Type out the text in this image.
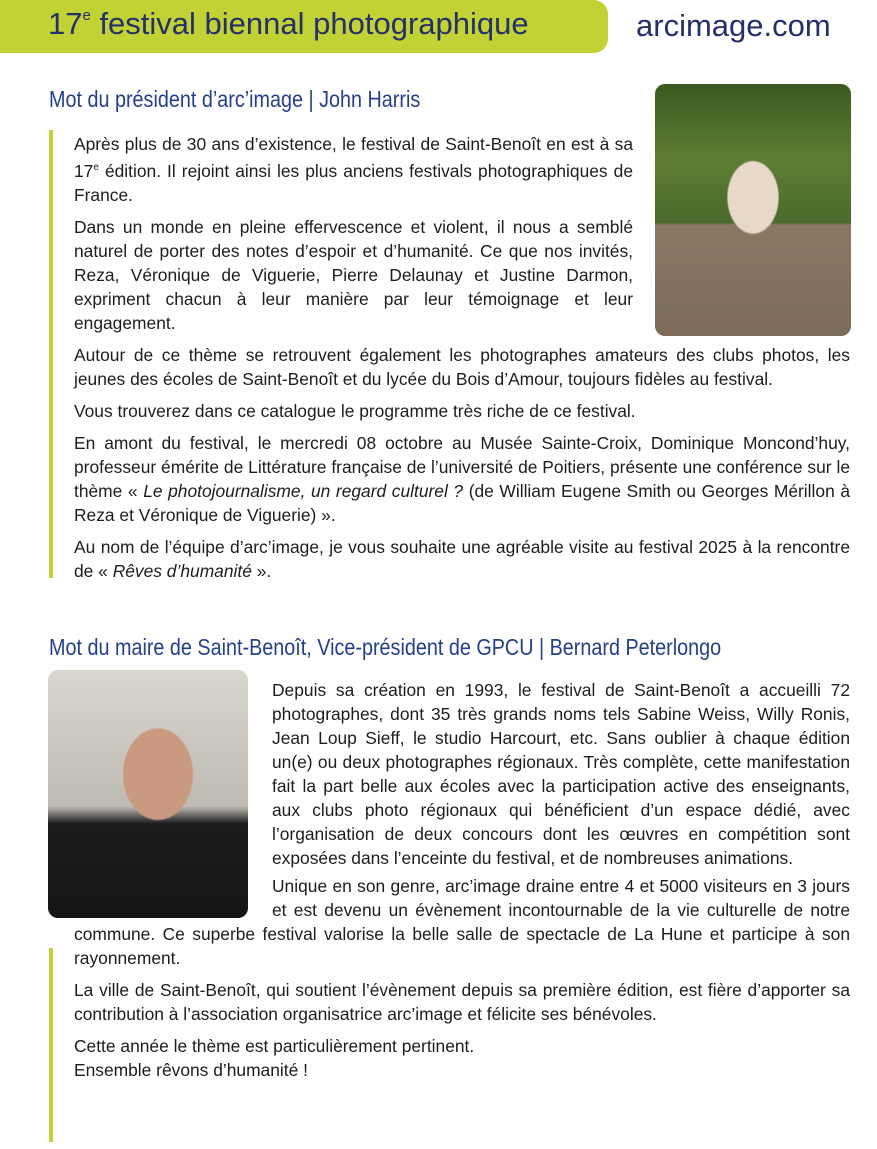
17e festival biennal photographique	arcimage.com
Mot du président d’arc’image | John Harris

Après plus de 30 ans d’existence, le festival de Saint-Benoît en est à sa 17e édition. Il rejoint ainsi les plus anciens festivals photographiques de France.

Dans un monde en pleine effervescence et violent, il nous a semblé naturel de porter des notes d’espoir et d’humanité. Ce que nos invités, Reza, Véronique de Viguerie, Pierre Delaunay et Justine Darmon, expriment chacun à leur manière par leur témoignage et leur engagement.

Autour de ce thème se retrouvent également les photographes amateurs des clubs photos, les jeunes des écoles de Saint-Benoît et du lycée du Bois d’Amour, toujours fidèles au festival.

Vous trouverez dans ce catalogue le programme très riche de ce festival.

En amont du festival, le mercredi 08 octobre au Musée Sainte-Croix, Dominique Moncond’huy, professeur émérite de Littérature française de l’université de Poitiers, présente une conférence sur le thème « Le photojournalisme, un regard culturel ? (de William Eugene Smith ou Georges Mérillon à Reza et Véronique de Viguerie) ».

Au nom de l’équipe d’arc’image, je vous souhaite une agréable visite au festival 2025 à la rencontre de « Rêves d’humanité ».

Mot du maire de Saint-Benoît, Vice-président de GPCU | Bernard Peterlongo

Depuis sa création en 1993, le festival de Saint-Benoît a accueilli 72 photographes, dont 35 très grands noms tels Sabine Weiss, Willy Ronis, Jean Loup Sieff, le studio Harcourt, etc. Sans oublier à chaque édition un(e) ou deux photographes régionaux. Très complète, cette manifestation fait la part belle aux écoles avec la participation active des enseignants, aux clubs photo régionaux qui bénéficient d’un espace dédié, avec l’organisation de deux concours dont les œuvres en compétition sont exposées dans l’enceinte du festival, et de nombreuses animations.

Unique en son genre, arc’image draine entre 4 et 5000 visiteurs en 3 jours et est devenu un évènement incontournable de la vie culturelle de notre commune. Ce superbe festival valorise la belle salle de spectacle de La Hune et participe à son rayonnement.

La ville de Saint-Benoît, qui soutient l’évènement depuis sa première édition, est fière d’apporter sa contribution à l’association organisatrice arc’image et félicite ses bénévoles.

Cette année le thème est particulièrement pertinent.
Ensemble rêvons d’humanité !
